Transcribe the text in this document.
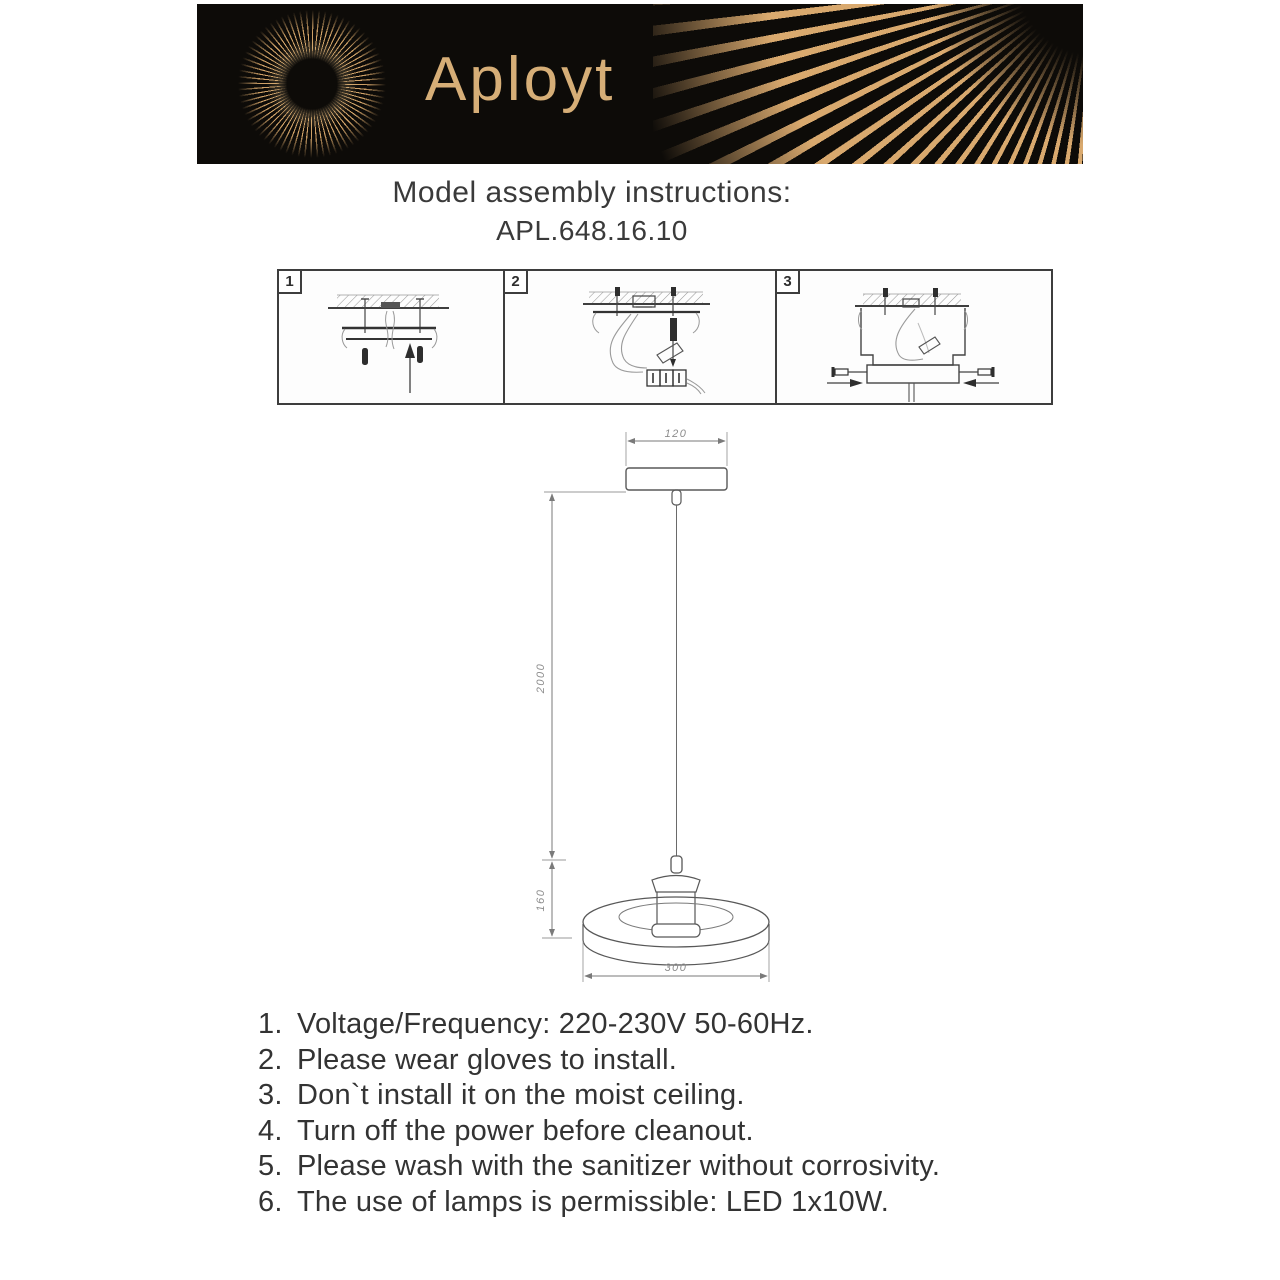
Aployt
Model assembly instructions:
APL.648.16.10
1	2	3
120
2000
160
300
1. Voltage/Frequency: 220-230V 50-60Hz.
2. Please wear gloves to install.
3. Don`t install it on the moist ceiling.
4. Turn off the power before cleanout.
5. Please wash with the sanitizer without corrosivity.
6. The use of lamps is permissible: LED 1x10W.
